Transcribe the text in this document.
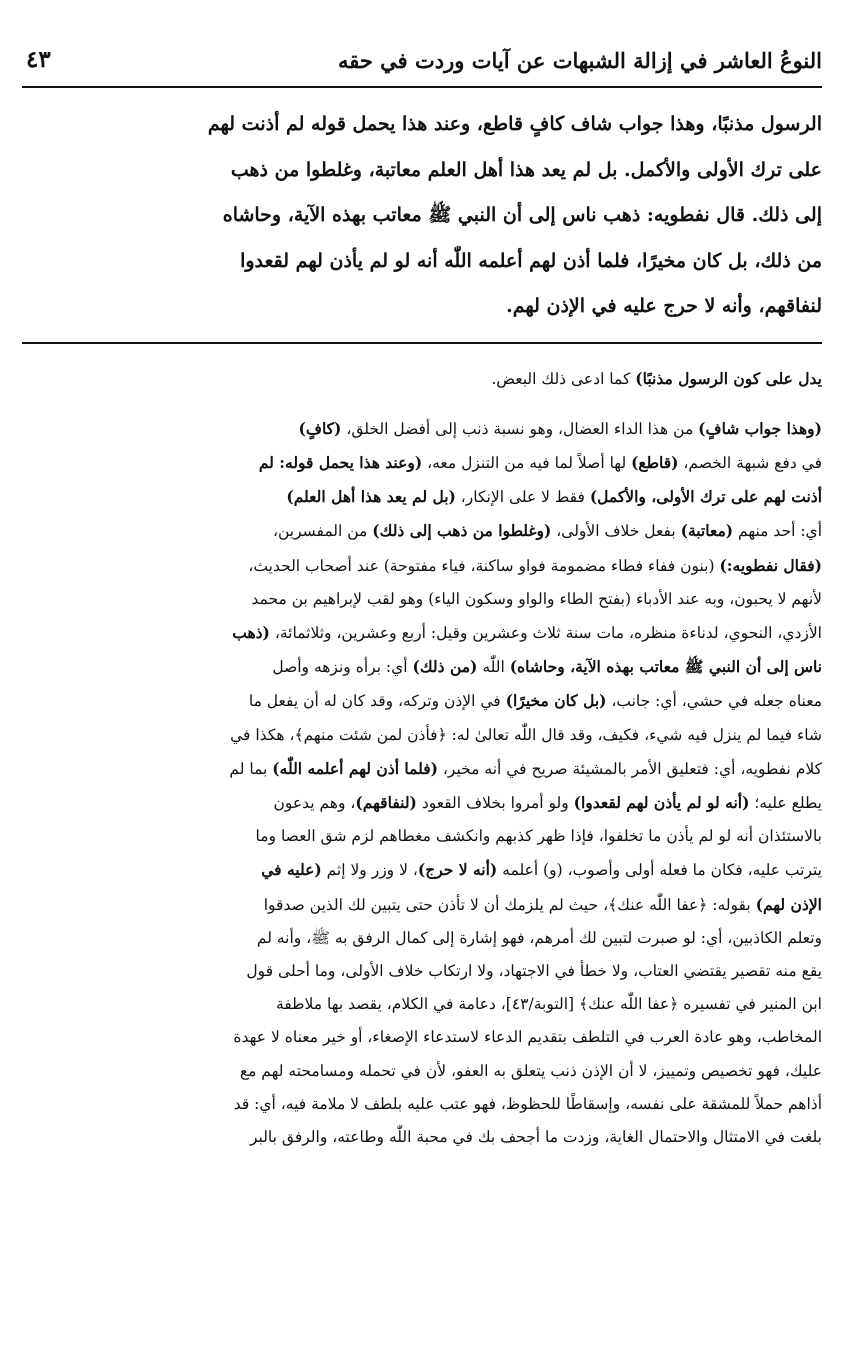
النوعُ العاشر في إزالة الشبهات عن آيات وردت في حقه
٤٣
الرسول مذنبًا، وهذا جواب شاف كافٍ قاطع، وعند هذا يحمل قوله لم أذنت لهم
على ترك الأولى والأكمل. بل لم يعد هذا أهل العلم معاتبة، وغلطوا من ذهب
إلى ذلك. قال نفطويه: ذهب ناس إلى أن النبي ﷺ معاتب بهذه الآية، وحاشاه
من ذلك، بل كان مخيرًا، فلما أذن لهم أعلمه اللّٰه أنه لو لم يأذن لهم لقعدوا
لنفاقهم، وأنه لا حرج عليه في الإذن لهم.
يدل على كون الرسول مذنبًا) كما ادعى ذلك البعض.
(وهذا جواب شافٍ) من هذا الداء العضال، وهو نسبة ذنب إلى أفضل الخلق، (كافٍ)
في دفع شبهة الخصم، (قاطع) لها أصلاً لما فيه من التنزل معه، (وعند هذا يحمل قوله: لم
أذنت لهم على ترك الأولى، والأكمل) فقط لا على الإنكار، (بل لم يعد هذا أهل العلم)
أي: أحد منهم (معاتبة) بفعل خلاف الأولى، (وغلطوا من ذهب إلى ذلك) من المفسرين،
(فقال نفطويه:) (بنون ففاء فطاء مضمومة فواو ساكنة، فياء مفتوحة) عند أصحاب الحديث،
لأنهم لا يحبون، وبه عند الأدباء (بفتح الطاء والواو وسكون الياء) وهو لقب لإبراهيم بن محمد
الأزدي، النحوي، لدناءة منظره، مات سنة ثلاث وعشرين وقيل: أربع وعشرين، وثلاثمائة، (ذهب
ناس إلى أن النبي ﷺ معاتب بهذه الآية، وحاشاه) اللّٰه (من ذلك) أي: برأه ونزهه وأصل
معناه جعله في حشي، أي: جانب، (بل كان مخيرًا) في الإذن وتركه، وقد كان له أن يفعل ما
شاء فيما لم ينزل فيه شيء، فكيف، وقد قال اللّٰه تعالىٰ له: ﴿فأذن لمن شئت منهم﴾، هكذا في
كلام نفطويه، أي: فتعليق الأمر بالمشيئة صريح في أنه مخير، (فلما أذن لهم أعلمه اللّٰه) بما لم
يطلع عليه؛ (أنه لو لم يأذن لهم لقعدوا) ولو أمروا بخلاف القعود (لنفاقهم)، وهم يدعون
بالاستئذان أنه لو لم يأذن ما تخلفوا، فإذا ظهر كذبهم وانكشف مغطاهم لزم شق العصا وما
يترتب عليه، فكان ما فعله أولى وأصوب، (و) أعلمه (أنه لا حرج)، لا وزر ولا إثم (عليه في
الإذن لهم) بقوله: ﴿عفا اللّٰه عنك﴾، حيث لم يلزمك أن لا تأذن حتى يتبين لك الذين صدقوا
وتعلم الكاذبين، أي: لو صبرت لتبين لك أمرهم، فهو إشارة إلى كمال الرفق به ﷺ، وأنه لم
يقع منه تقصير يقتضي العتاب، ولا خطأ في الاجتهاد، ولا ارتكاب خلاف الأولى، وما أحلى قول
ابن المنير في تفسيره ﴿عفا اللّٰه عنك﴾ [التوبة/٤٣]، دعامة في الكلام، يقصد بها ملاطفة
المخاطب، وهو عادة العرب في التلطف بتقديم الدعاء لاستدعاء الإصغاء، أو خير معناه لا عهدة
عليك، فهو تخصيص وتمييز، لا أن الإذن ذنب يتعلق به العفو، لأن في تحمله ومسامحته لهم مع
أذاهم حملاً للمشقة على نفسه، وإسقاطًا للحظوظ، فهو عتب عليه بلطف لا ملامة فيه، أي: قد
بلغت في الامتثال والاحتمال الغاية، وزدت ما أجحف بك في محبة اللّٰه وطاعته، والرفق بالبر
